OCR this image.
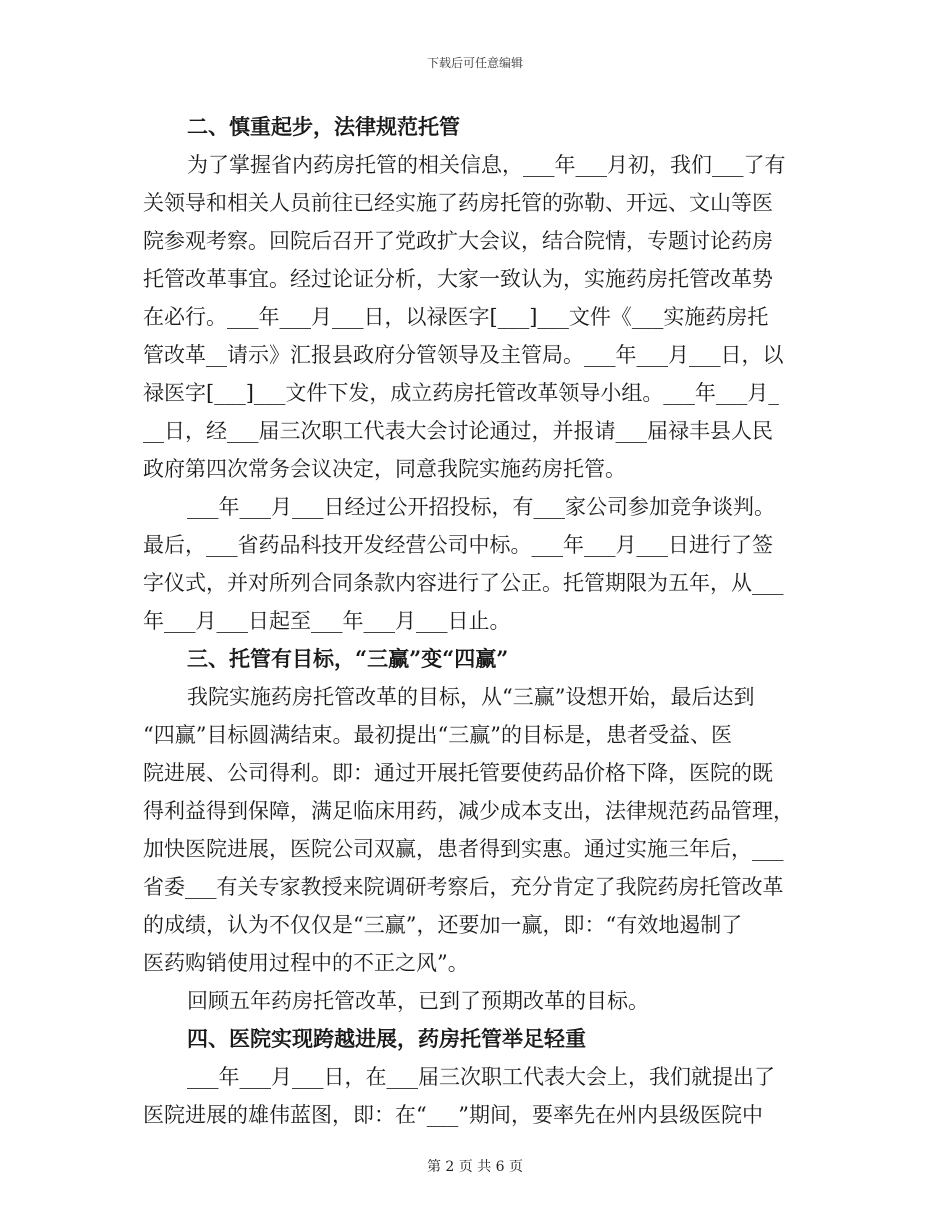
下载后可任意编辑
二、慎重起步，法律规范托管
为了掌握省内药房托管的相关信息，___年___月初，我们___了有
关领导和相关人员前往已经实施了药房托管的弥勒、开远、文山等医
院参观考察。回院后召开了党政扩大会议，结合院情，专题讨论药房
托管改革事宜。经过论证分析，大家一致认为，实施药房托管改革势
在必行。___年___月___日，以禄医字[___]___文件《___实施药房托
管改革__请示》汇报县政府分管领导及主管局。___年___月___日，以
禄医字[___]___文件下发，成立药房托管改革领导小组。___年___月_
__日，经___届三次职工代表大会讨论通过，并报请___届禄丰县人民
政府第四次常务会议决定，同意我院实施药房托管。
___年___月___日经过公开招投标，有___家公司参加竞争谈判。
最后，___省药品科技开发经营公司中标。___年___月___日进行了签
字仪式，并对所列合同条款内容进行了公正。托管期限为五年，从___
年___月___日起至___年___月___日止。
三、托管有目标，“三赢”变“四赢”
我院实施药房托管改革的目标，从“三赢”设想开始，最后达到
“四赢”目标圆满结束。最初提出“三赢”的目标是，患者受益、医
院进展、公司得利。即：通过开展托管要使药品价格下降，医院的既
得利益得到保障，满足临床用药，减少成本支出，法律规范药品管理，
加快医院进展，医院公司双赢，患者得到实惠。通过实施三年后，___
省委___有关专家教授来院调研考察后，充分肯定了我院药房托管改革
的成绩，认为不仅仅是“三赢”，还要加一赢，即：“有效地遏制了
医药购销使用过程中的不正之风”。
回顾五年药房托管改革，已到了预期改革的目标。
四、医院实现跨越进展，药房托管举足轻重
___年___月___日，在___届三次职工代表大会上，我们就提出了
医院进展的雄伟蓝图，即：在“___”期间，要率先在州内县级医院中
第 2 页 共 6 页
